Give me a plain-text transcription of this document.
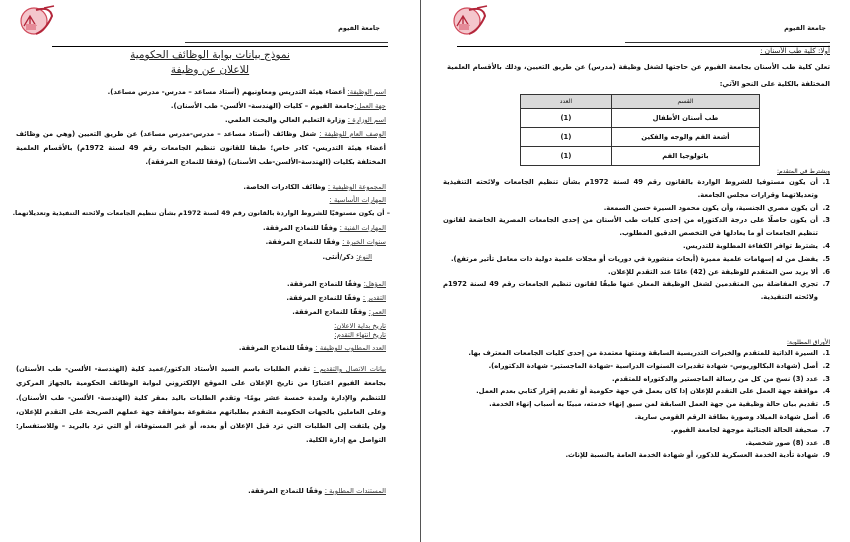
جامعة الفيوم
نموذج بيانات بوابة الوظائف الحكومية
للاعلان عن وظيفة
اسم الوظيفة: أعضاء هيئة التدريس ومعاونيهم (أستاذ مساعد – مدرس- مدرس مساعد).
جهة العمل:جامعة الفيوم – كليات (الهندسة- الألسن- طب الأسنان).
اسم الوزارة : وزارة التعليم العالي والبحث العلمي.
الوصف العام للوظيفة : شغل وظائف (أستاذ مساعد – مدرس-مدرس مساعد) عن طريق التعيين (وهي من وظائف أعضاء هيئة التدريس- كادر خاص؛ طبقا للقانون تنظيم الجامعات رقم 49 لسنة 1972م) بالأقسام العلمية المختلفة بكليات (الهندسة-الألسن-طب الأسنان) (وفقا للنماذج المرفقة).
المجموعة الوظيفية : وظائف الكادرات الخاصة.
المهارات الأساسية :
– أن يكون مستوفيًا للشروط الواردة بالقانون رقم 49 لسنة 1972م بشأن تنظيم الجامعات ولائحته التنفيذية وتعديلاتهما.
المهارات الفنية : وفقًا للنماذج المرفقة.
سنوات الخبرة : وفقًا للنماذج المرفقة.
النوع: ذكر/أنثى.
المؤهل: وفقًا للنماذج المرفقة.
التقدير : وفقًا للنماذج المرفقة.
العمر: وفقًا للنماذج المرفقة.
تاريخ بداية الاعلان:
تاريخ انتهاء التقدم:
العدد المطلوب للوظيفة : وفقًا للنماذج المرفقة.
بيانات الاتصال والتقديم : تقدم الطلبات باسم السيد الأستاذ الدكتور/عميد كلية (الهندسة- الألسن- طب الأسنان) بجامعة الفيوم اعتبارًا من تاريخ الإعلان على الموقع الإلكتروني لبوابة الوظائف الحكومية بالجهاز المركزي للتنظيم والإدارة ولمدة خمسة عشر يومًا- وتقدم الطلبات باليد بمقر كلية (الهندسة- الألسن- طب الأسنان). وعلى العاملين بالجهات الحكومية التقدم بطلباتهم مشفوعة بموافقة جهة عملهم الصريحة على التقدم للإعلان، ولن يلتفت إلى الطلبات التي ترد قبل الإعلان أو بعده، أو غير المستوفاة، أو التي ترد بالبريد – وللاستفسار: التواصل مع إدارة الكلية.
المستندات المطلوبة : وفقًا للنماذج المرفقة.
جامعة الفيوم
أولا: كلية طب الأسنان :
تعلن كلية طب الأسنان بجامعة الفيوم عن حاجتها لشغل وظيفة (مدرس) عن طريق التعيين، وذلك بالأقسام العلمية المختلفة بالكلية على النحو الآتي:
القسم	العدد
طب أسنان الأطفال	(1)
أشعة الفم والوجه والفكين	(1)
باثولوجيا الفم	(1)
ويشترط في المتقدم:
1.
أن يكون مستوفيا للشروط الواردة بالقانون رقم 49 لسنة 1972م بشأن تنظيم الجامعات ولائحته التنفيذية وتعديلاتهما وقرارات مجلس الجامعة.
2.
أن يكون مصري الجنسية، وأن يكون محمود السيرة حسن السمعة.
3.
أن يكون حاصلًا على درجة الدكتوراه من إحدى كليات طب الأسنان من إحدى الجامعات المصرية الخاضعة لقانون تنظيم الجامعات أو ما يعادلها في التخصص الدقيق المطلوب.
4.
يشترط توافر الكفاءة المطلوبة للتدريس.
5.
يفضل من له إسهامات علمية مميزة (أبحاث منشورة في دوريات أو مجلات علمية دولية ذات معامل تأثير مرتفع).
6.
ألا يزيد سن المتقدم للوظيفة عن (42) عامًا عند التقدم للإعلان.
7.
تجري المفاضلة بين المتقدمين لشغل الوظيفة المعلن عنها طبقًا لقانون تنظيم الجامعات رقم 49 لسنة 1972م ولائحته التنفيذية.
الأوراق المطلوبة:
1.
السيرة الذاتية للمتقدم والخبرات التدريسية السابقة ومنتها معتمدة من إحدى كليات الجامعات المعترف بها.
2.
أصل (شهادة البكالوريوس- شهادة تقديرات السنوات الدراسية -شهادة الماجستير- شهادة الدكتوراه).
3.
عدد (3) نسخ من كل من رسالة الماجستير والدكتوراه للمتقدم.
4.
موافقة جهة العمل على التقدم للإعلان إذا كان يعمل في جهة حكومية أو تقديم إقرار كتابي بعدم العمل.
5.
تقديم بيان حالة وظيفية من جهة العمل السابقة لمن سبق إنهاء خدمته، مبينًا به أسباب إنهاء الخدمة.
6.
أصل شهادة الميلاد وصورة بطاقة الرقم القومي سارية.
7.
صحيفة الحالة الجنائية موجهة لجامعة الفيوم.
8.
عدد (8) صور شخصية.
9.
شهادة تأدية الخدمة العسكرية للذكور، أو شهادة الخدمة العامة بالنسبة للإناث.
